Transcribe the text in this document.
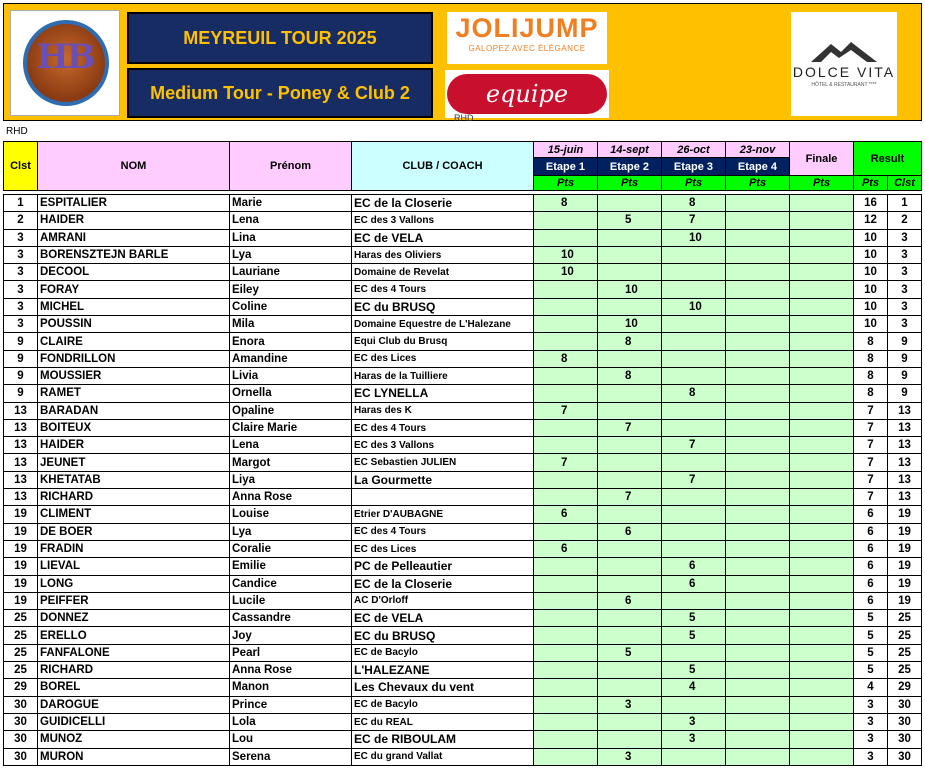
HB	MEYREUIL TOUR 2025
Medium Tour - Poney & Club 2
JOLIJUMP
GALOPEZ AVEC ÉLÉGANCE
equipe
RHD
DOLCE VITA
HÔTEL & RESTAURANT ****
RHD
Clst	NOM	Prénom	CLUB / COACH	15-juin	14-sept	26-oct	23-nov	Finale	Result	
				Etape 1	Etape 2	Etape 3	Etape 4			
				Pts	Pts	Pts	Pts	Pts	Pts	Clst

1	ESPITALIER	Marie	EC de la Closerie	8		8			16	1
2	HAIDER	Lena	EC des 3 Vallons		5	7			12	2
3	AMRANI	Lina	EC de VELA			10			10	3
3	BORENSZTEJN BARLE	Lya	Haras des Oliviers	10					10	3
3	DECOOL	Lauriane	Domaine de Revelat	10					10	3
3	FORAY	Eiley	EC des 4 Tours		10				10	3
3	MICHEL	Coline	EC du BRUSQ			10			10	3
3	POUSSIN	Mila	Domaine Equestre de L'Halezane		10				10	3
9	CLAIRE	Enora	Equi Club du Brusq		8				8	9
9	FONDRILLON	Amandine	EC des Lices	8					8	9
9	MOUSSIER	Livia	Haras de la Tuilliere		8				8	9
9	RAMET	Ornella	EC LYNELLA			8			8	9
13	BARADAN	Opaline	Haras des K	7					7	13
13	BOITEUX	Claire Marie	EC des 4 Tours		7				7	13
13	HAIDER	Lena	EC des 3 Vallons			7			7	13
13	JEUNET	Margot	EC Sebastien JULIEN	7					7	13
13	KHETATAB	Liya	La Gourmette			7			7	13
13	RICHARD	Anna Rose			7				7	13
19	CLIMENT	Louise	Etrier D'AUBAGNE	6					6	19
19	DE BOER	Lya	EC des 4 Tours		6				6	19
19	FRADIN	Coralie	EC des Lices	6					6	19
19	LIEVAL	Emilie	PC de Pelleautier			6			6	19
19	LONG	Candice	EC de la Closerie			6			6	19
19	PEIFFER	Lucile	AC D'Orloff		6				6	19
25	DONNEZ	Cassandre	EC de VELA			5			5	25
25	ERELLO	Joy	EC du BRUSQ			5			5	25
25	FANFALONE	Pearl	EC de Bacylo		5				5	25
25	RICHARD	Anna Rose	L'HALEZANE			5			5	25
29	BOREL	Manon	Les Chevaux du vent			4			4	29
30	DAROGUE	Prince	EC de Bacylo		3				3	30
30	GUIDICELLI	Lola	EC du REAL			3			3	30
30	MUNOZ	Lou	EC de RIBOULAM			3			3	30
30	MURON	Serena	EC du grand Vallat		3				3	30
